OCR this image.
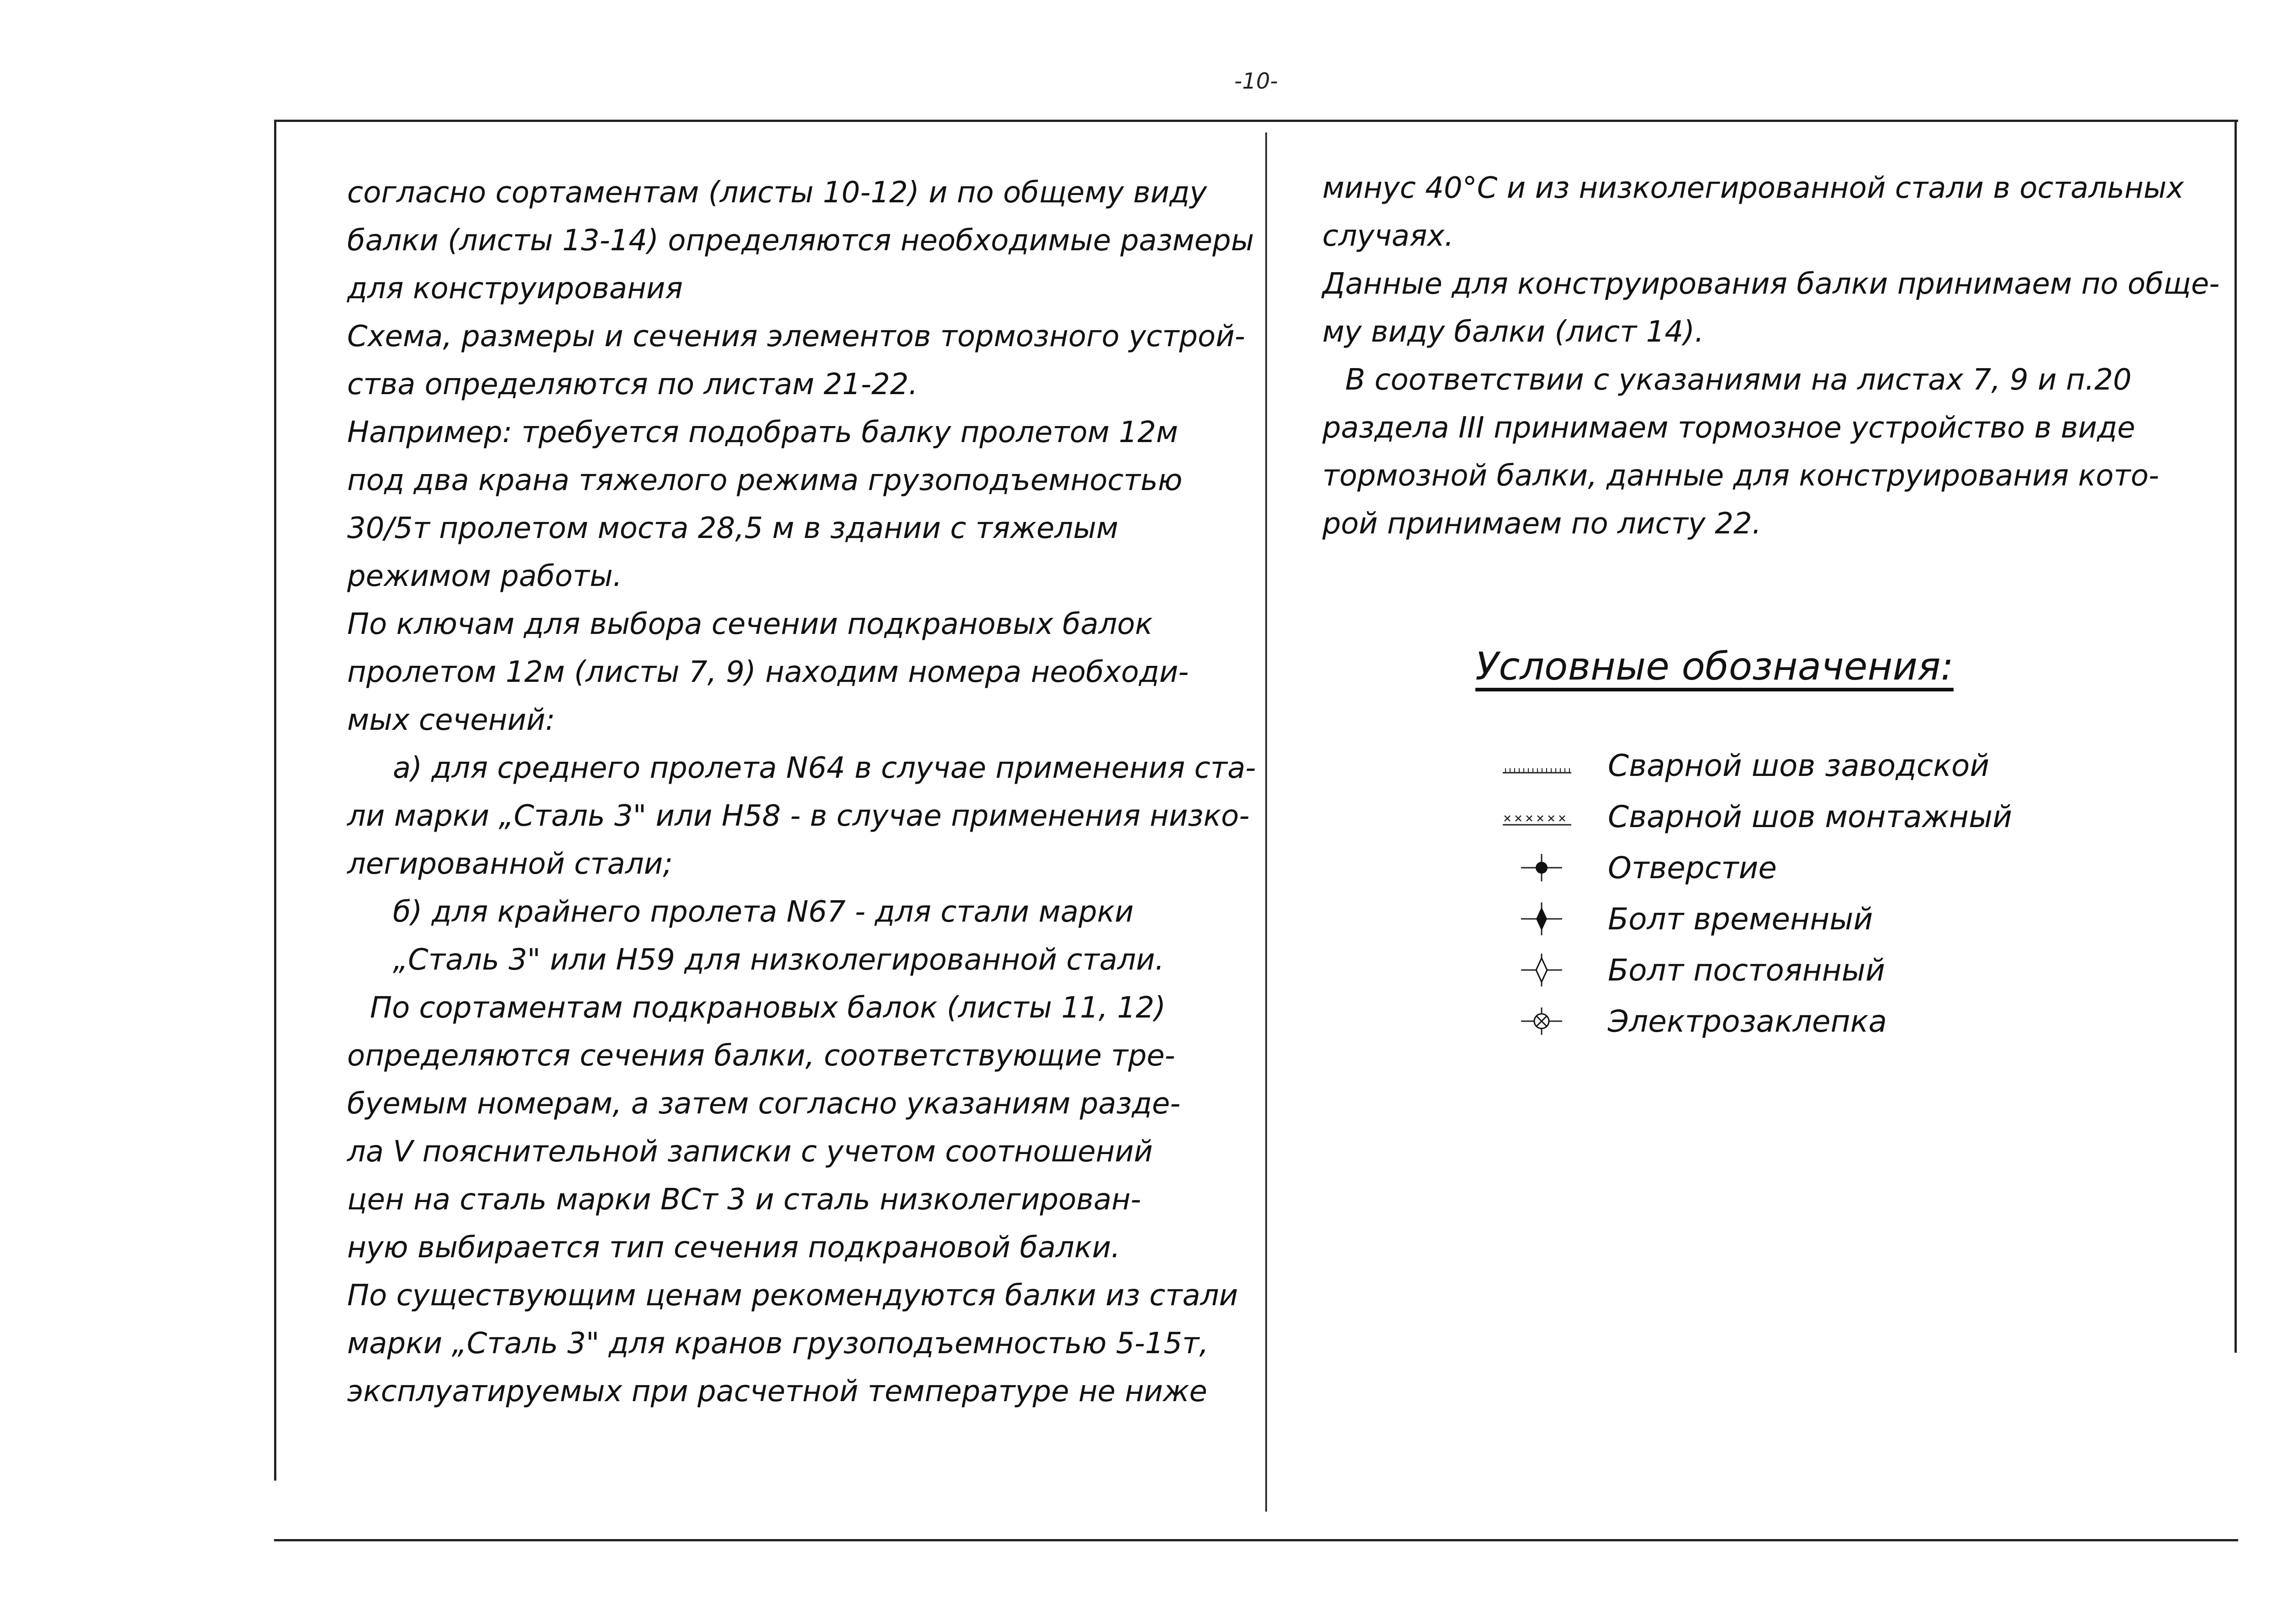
-10-
согласно сортаментам (листы 10-12) и по общему виду
балки (листы 13-14) определяются необходимые размеры
для конструирования
Схема, размеры и сечения элементов тормозного устрой-
ства определяются по листам 21-22.
Например: требуется подобрать балку пролетом 12м
под два крана тяжелого режима грузоподъемностью
30/5т пролетом моста 28,5 м в здании с тяжелым
режимом работы.
По ключам для выбора сечении подкрановых балок
пролетом 12м (листы 7, 9) находим номера необходи-
мых сечений:
а) для среднего пролета N64 в случае применения ста-
ли марки „Сталь 3" или Н58 - в случае применения низко-
легированной стали;
б) для крайнего пролета N67 - для стали марки
„Сталь 3" или Н59 для низколегированной стали.
По сортаментам подкрановых балок (листы 11, 12)
определяются сечения балки, соответствующие тре-
буемым номерам, а затем согласно указаниям разде-
ла V пояснительной записки с учетом соотношений
цен на сталь марки ВСт 3 и сталь низколегирован-
ную выбирается тип сечения подкрановой балки.
По существующим ценам рекомендуются балки из стали
марки „Сталь 3" для кранов грузоподъемностью 5-15т,
эксплуатируемых при расчетной температуре не ниже
минус 40°С и из низколегированной стали в остальных
случаях.
Данные для конструирования балки принимаем по обще-
му виду балки (лист 14).
В соответствии с указаниями на листах 7, 9 и п.20
раздела III принимаем тормозное устройство в виде
тормозной балки, данные для конструирования кото-
рой принимаем по листу 22.
Условные обозначения:
Сварной шов заводской
Сварной шов монтажный
Отверстие
Болт временный
Болт постоянный
Электрозаклепка
